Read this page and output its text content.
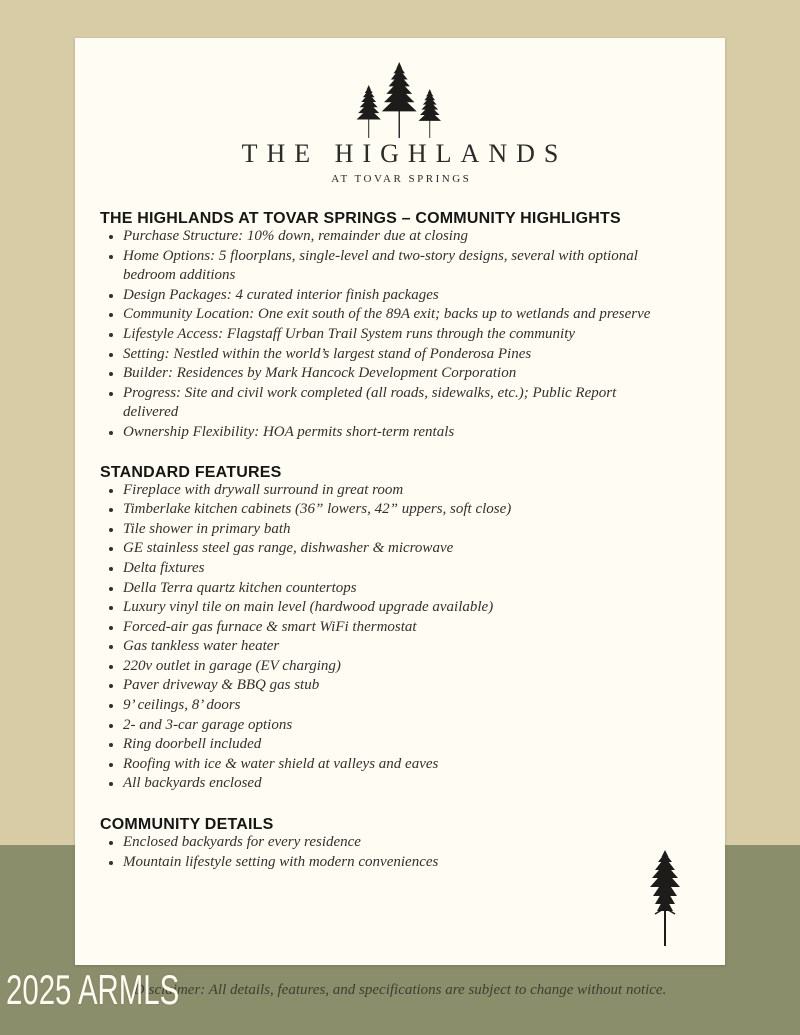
THE HIGHLANDS
AT TOVAR SPRINGS
THE HIGHLANDS AT TOVAR SPRINGS – COMMUNITY HIGHLIGHTS
• Purchase Structure: 10% down, remainder due at closing
• Home Options: 5 floorplans, single-level and two-story designs, several with optional bedroom additions
• Design Packages: 4 curated interior finish packages
• Community Location: One exit south of the 89A exit; backs up to wetlands and preserve
• Lifestyle Access: Flagstaff Urban Trail System runs through the community
• Setting: Nestled within the world’s largest stand of Ponderosa Pines
• Builder: Residences by Mark Hancock Development Corporation
• Progress: Site and civil work completed (all roads, sidewalks, etc.); Public Report delivered
• Ownership Flexibility: HOA permits short-term rentals
STANDARD FEATURES
• Fireplace with drywall surround in great room
• Timberlake kitchen cabinets (36” lowers, 42” uppers, soft close)
• Tile shower in primary bath
• GE stainless steel gas range, dishwasher & microwave
• Delta fixtures
• Della Terra quartz kitchen countertops
• Luxury vinyl tile on main level (hardwood upgrade available)
• Forced-air gas furnace & smart WiFi thermostat
• Gas tankless water heater
• 220v outlet in garage (EV charging)
• Paver driveway & BBQ gas stub
• 9’ ceilings, 8’ doors
• 2- and 3-car garage options
• Ring doorbell included
• Roofing with ice & water shield at valleys and eaves
• All backyards enclosed
COMMUNITY DETAILS
• Enclosed backyards for every residence
• Mountain lifestyle setting with modern conveniences
Disclaimer: All details, features, and specifications are subject to change without notice.
2025 ARMLS
